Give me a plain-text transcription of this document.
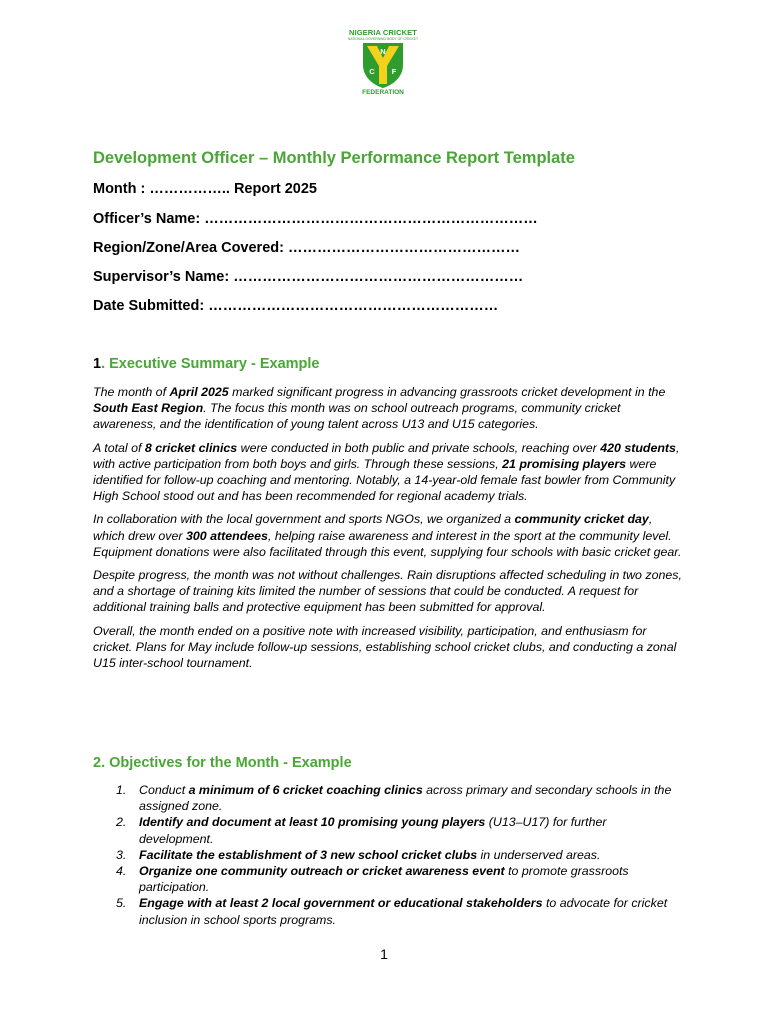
NIGERIA CRICKET
NATIONAL GOVERNING BODY OF CRICKET
N
C F
FEDERATION
Development Officer – Monthly Performance Report Template
Month : …………….. Report 2025
Officer’s Name: ……………………………………………………………
Region/Zone/Area Covered: …………………………………………
Supervisor’s Name: ……………………………………………………
Date Submitted: ……………………………………………………
1. Executive Summary - Example

The month of April 2025 marked significant progress in advancing grassroots cricket development in the South East Region. The focus this month was on school outreach programs, community cricket awareness, and the identification of young talent across U13 and U15 categories.

A total of 8 cricket clinics were conducted in both public and private schools, reaching over 420 students, with active participation from both boys and girls. Through these sessions, 21 promising players were identified for follow-up coaching and mentoring. Notably, a 14-year-old female fast bowler from Community High School stood out and has been recommended for regional academy trials.

In collaboration with the local government and sports NGOs, we organized a community cricket day, which drew over 300 attendees, helping raise awareness and interest in the sport at the community level. Equipment donations were also facilitated through this event, supplying four schools with basic cricket gear.

Despite progress, the month was not without challenges. Rain disruptions affected scheduling in two zones, and a shortage of training kits limited the number of sessions that could be conducted. A request for additional training balls and protective equipment has been submitted for approval.

Overall, the month ended on a positive note with increased visibility, participation, and enthusiasm for cricket. Plans for May include follow-up sessions, establishing school cricket clubs, and conducting a zonal U15 inter-school tournament.

2. Objectives for the Month - Example
1. Conduct a minimum of 6 cricket coaching clinics across primary and secondary schools in the assigned zone.
2. Identify and document at least 10 promising young players (U13–U17) for further development.
3. Facilitate the establishment of 3 new school cricket clubs in underserved areas.
4. Organize one community outreach or cricket awareness event to promote grassroots participation.
5. Engage with at least 2 local government or educational stakeholders to advocate for cricket inclusion in school sports programs.
1
